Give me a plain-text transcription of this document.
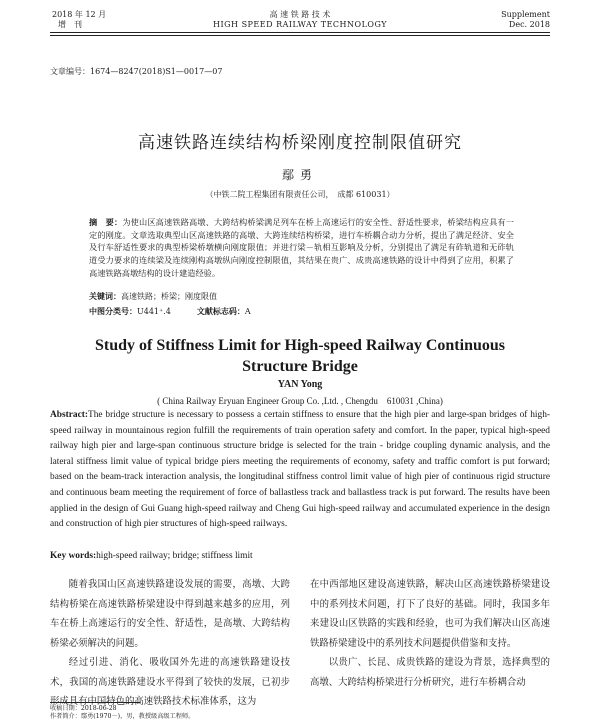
2018 年 12 月
增　刊
高 速 铁 路 技 术
HIGH SPEED RAILWAY TECHNOLOGY
Supplement
Dec. 2018
文章编号：1674—8247(2018)S1—0017—07
高速铁路连续结构桥梁刚度控制限值研究
鄢勇
（中铁二院工程集团有限责任公司，　成都 610031）
摘　要：为使山区高速铁路高墩、大跨结构桥梁满足列车在桥上高速运行的安全性、舒适性要求，桥梁结构应具有一定的刚度。文章选取典型山区高速铁路的高墩、大跨连续结构桥梁，进行车桥耦合动力分析，提出了满足经济、安全及行车舒适性要求的典型桥梁桥墩横向刚度限值；并进行梁－轨相互影响及分析，分别提出了满足有砟轨道和无砟轨道受力要求的连续梁及连续刚构高墩纵向刚度控制限值，其结果在贵广、成贵高速铁路的设计中得到了应用，积累了高速铁路高墩结构的设计建造经验。
关键词：高速铁路；桥梁；刚度限值
中图分类号：U441⁺.4	文献标志码：A
Study of Stiffness Limit for High-speed Railway Continuous
Structure Bridge
YAN Yong
( China Railway Eryuan Engineer Group Co. ,Ltd. , Chengdu　610031 ,China)
Abstract:The bridge structure is necessary to possess a certain stiffness to ensure that the high pier and large-span bridges of high-speed railway in mountainous region fulfill the requirements of train operation safety and comfort. In the paper, typical high-speed railway high pier and large-span continuous structure bridge is selected for the train - bridge coupling dynamic analysis, and the lateral stiffness limit value of typical bridge piers meeting the requirements of economy, safety and traffic comfort is put forward; based on the beam-track interaction analysis, the longitudinal stiffness control limit value of high pier of continuous rigid structure and continuous beam meeting the requirement of force of ballastless track and ballastless track is put forward. The results have been applied in the design of Gui Guang high-speed railway and Cheng Gui high-speed railway and accumulated experience in the design and construction of high pier structures of high-speed railways.
Key words:high-speed railway; bridge; stiffness limit

随着我国山区高速铁路建设发展的需要，高墩、大跨结构桥梁在高速铁路桥梁建设中得到越来越多的应用，列车在桥上高速运行的安全性、舒适性，是高墩、大跨结构桥梁必须解决的问题。

经过引进、消化、吸收国外先进的高速铁路建设技术，我国的高速铁路建设水平得到了较快的发展，已初步形成具有中国特色的高速铁路技术标准体系，这为

在中西部地区建设高速铁路，解决山区高速铁路桥梁建设中的系列技术问题，打下了良好的基础。同时，我国多年来建设山区铁路的实践和经验，也可为我们解决山区高速铁路桥梁建设中的系列技术问题提供借鉴和支持。

以贵广、长昆、成贵铁路的建设为背景，选择典型的高墩、大跨结构桥梁进行分析研究，进行车桥耦合动

收稿日期：2018-06-28
作者简介：鄢勇(1970－)，男，教授级高级工程师。
